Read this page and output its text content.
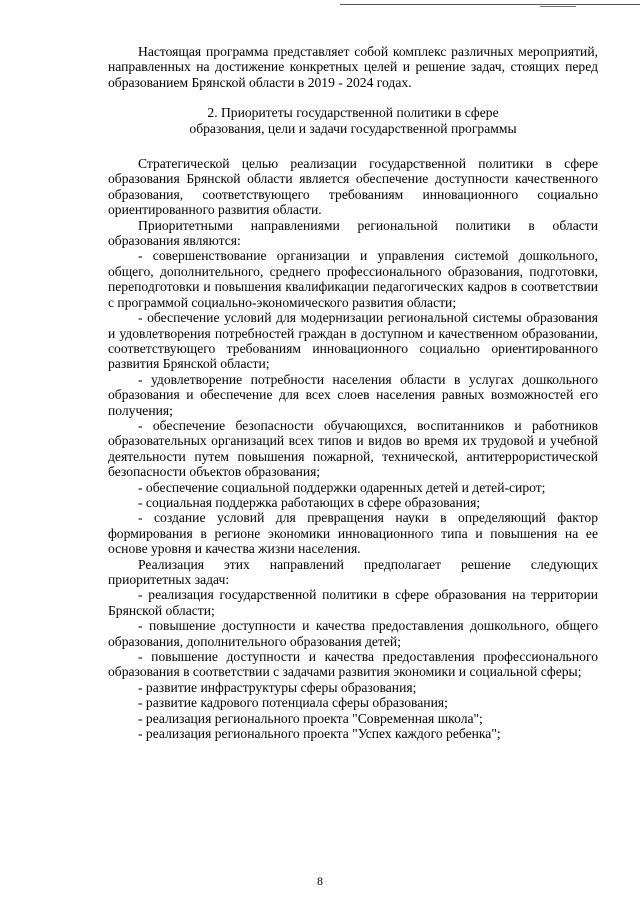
Настоящая программа представляет собой комплекс различных мероприятий, направленных на достижение конкретных целей и решение задач, стоящих перед образованием Брянской области в 2019 - 2024 годах.

2. Приоритеты государственной политики в сфере
образования, цели и задачи государственной программы

Стратегической целью реализации государственной политики в сфере образования Брянской области является обеспечение доступности качественного образования, соответствующего требованиям инновационного социально ориентированного развития области.

Приоритетными направлениями региональной политики в области образования являются:

- совершенствование организации и управления системой дошкольного, общего, дополнительного, среднего профессионального образования, подготовки, переподготовки и повышения квалификации педагогических кадров в соответствии с программой социально-экономического развития области;

- обеспечение условий для модернизации региональной системы образования и удовлетворения потребностей граждан в доступном и качественном образовании, соответствующего требованиям инновационного социально ориентированного развития Брянской области;

- удовлетворение потребности населения области в услугах дошкольного образования и обеспечение для всех слоев населения равных возможностей его получения;

- обеспечение безопасности обучающихся, воспитанников и работников образовательных организаций всех типов и видов во время их трудовой и учебной деятельности путем повышения пожарной, технической, антитеррористической безопасности объектов образования;

- обеспечение социальной поддержки одаренных детей и детей-сирот;

- социальная поддержка работающих в сфере образования;

- создание условий для превращения науки в определяющий фактор формирования в регионе экономики инновационного типа и повышения на ее основе уровня и качества жизни населения.

Реализация этих направлений предполагает решение следующих приоритетных задач:

- реализация государственной политики в сфере образования на территории Брянской области;

- повышение доступности и качества предоставления дошкольного, общего образования, дополнительного образования детей;

- повышение доступности и качества предоставления профессионального образования в соответствии с задачами развития экономики и социальной сферы;

- развитие инфраструктуры сферы образования;

- развитие кадрового потенциала сферы образования;

- реализация регионального проекта "Современная школа";

- реализация регионального проекта "Успех каждого ребенка";

8
